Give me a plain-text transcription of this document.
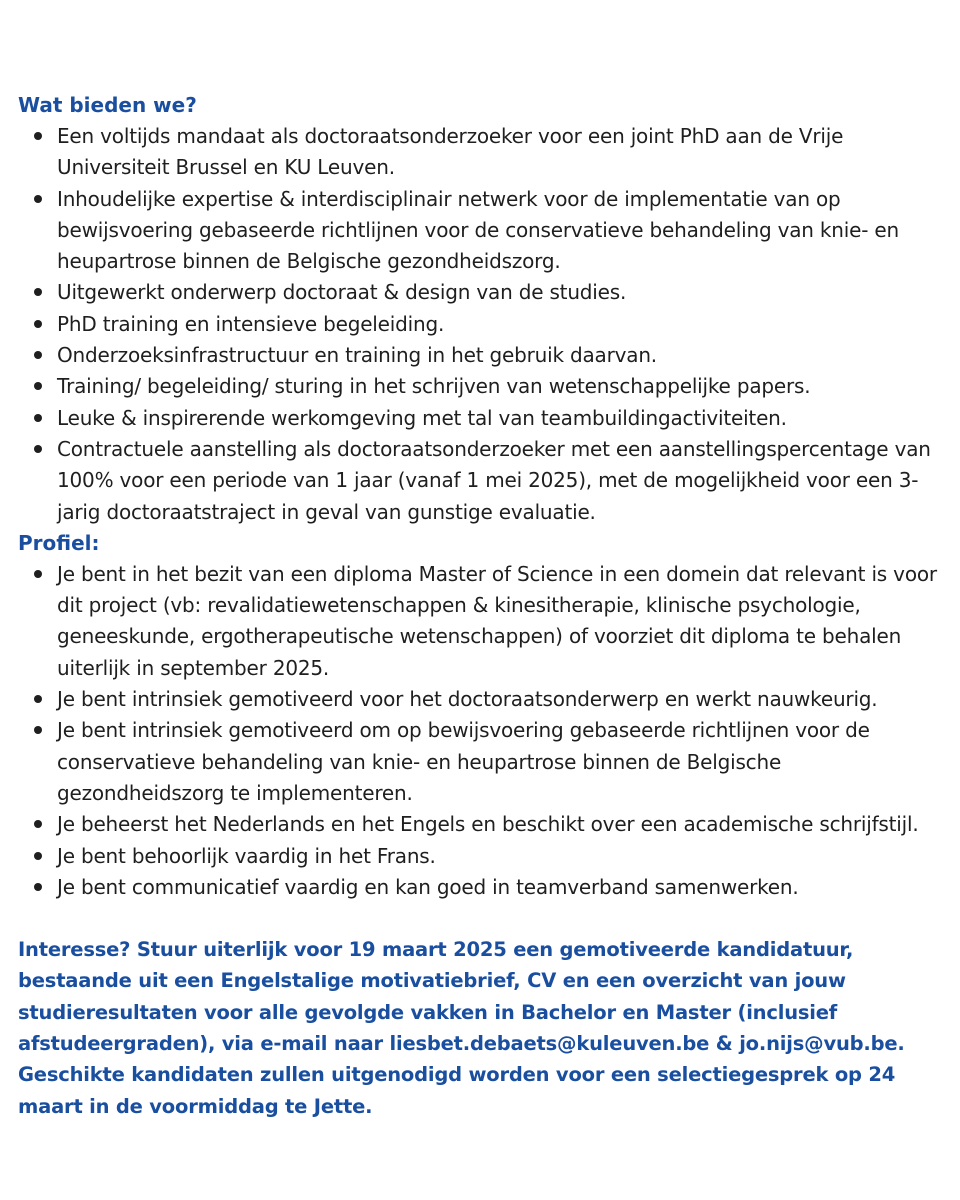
Wat bieden we?
Een voltijds mandaat als doctoraatsonderzoeker voor een joint PhD aan de Vrije Universiteit Brussel en KU Leuven.
Inhoudelijke expertise & interdisciplinair netwerk voor de implementatie van op bewijsvoering gebaseerde richtlijnen voor de conservatieve behandeling van knie- en heupartrose binnen de Belgische gezondheidszorg.
Uitgewerkt onderwerp doctoraat & design van de studies.
PhD training en intensieve begeleiding.
Onderzoeksinfrastructuur en training in het gebruik daarvan.
Training/ begeleiding/ sturing in het schrijven van wetenschappelijke papers.
Leuke & inspirerende werkomgeving met tal van teambuildingactiviteiten.
Contractuele aanstelling als doctoraatsonderzoeker met een aanstellingspercentage van 100% voor een periode van 1 jaar (vanaf 1 mei 2025), met de mogelijkheid voor een 3-jarig doctoraatstraject in geval van gunstige evaluatie.
Profiel:
Je bent in het bezit van een diploma Master of Science in een domein dat relevant is voor dit project (vb: revalidatiewetenschappen & kinesitherapie, klinische psychologie, geneeskunde, ergotherapeutische wetenschappen) of voorziet dit diploma te behalen uiterlijk in september 2025.
Je bent intrinsiek gemotiveerd voor het doctoraatsonderwerp en werkt nauwkeurig.
Je bent intrinsiek gemotiveerd om op bewijsvoering gebaseerde richtlijnen voor de conservatieve behandeling van knie- en heupartrose binnen de Belgische gezondheidszorg te implementeren.
Je beheerst het Nederlands en het Engels en beschikt over een academische schrijfstijl.
Je bent behoorlijk vaardig in het Frans.
Je bent communicatief vaardig en kan goed in teamverband samenwerken.

Interesse? Stuur uiterlijk voor 19 maart 2025 een gemotiveerde kandidatuur, bestaande uit een Engelstalige motivatiebrief, CV en een overzicht van jouw studieresultaten voor alle gevolgde vakken in Bachelor en Master (inclusief afstudeergraden), via e-mail naar liesbet.debaets@kuleuven.be & jo.nijs@vub.be. Geschikte kandidaten zullen uitgenodigd worden voor een selectiegesprek op 24 maart in de voormiddag te Jette.
